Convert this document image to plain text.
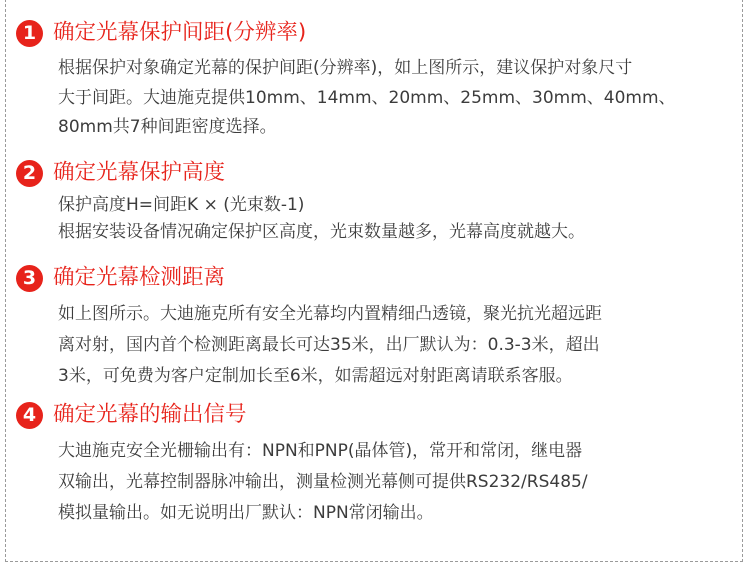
1 确定光幕保护间距(分辨率)
根据保护对象确定光幕的保护间距(分辨率)，如上图所示，建议保护对象尺寸
大于间距。大迪施克提供10mm、14mm、20mm、25mm、30mm、40mm、
80mm共7种间距密度选择。
2 确定光幕保护高度
保护高度H=间距K × (光束数-1)
根据安装设备情况确定保护区高度，光束数量越多，光幕高度就越大。
3 确定光幕检测距离
如上图所示。大迪施克所有安全光幕均内置精细凸透镜，聚光抗光超远距
离对射，国内首个检测距离最长可达35米，出厂默认为：0.3-3米，超出
3米，可免费为客户定制加长至6米，如需超远对射距离请联系客服。
4 确定光幕的输出信号
大迪施克安全光栅输出有：NPN和PNP(晶体管)，常开和常闭，继电器
双输出，光幕控制器脉冲输出，测量检测光幕侧可提供RS232/RS485/
模拟量输出。如无说明出厂默认：NPN常闭输出。
